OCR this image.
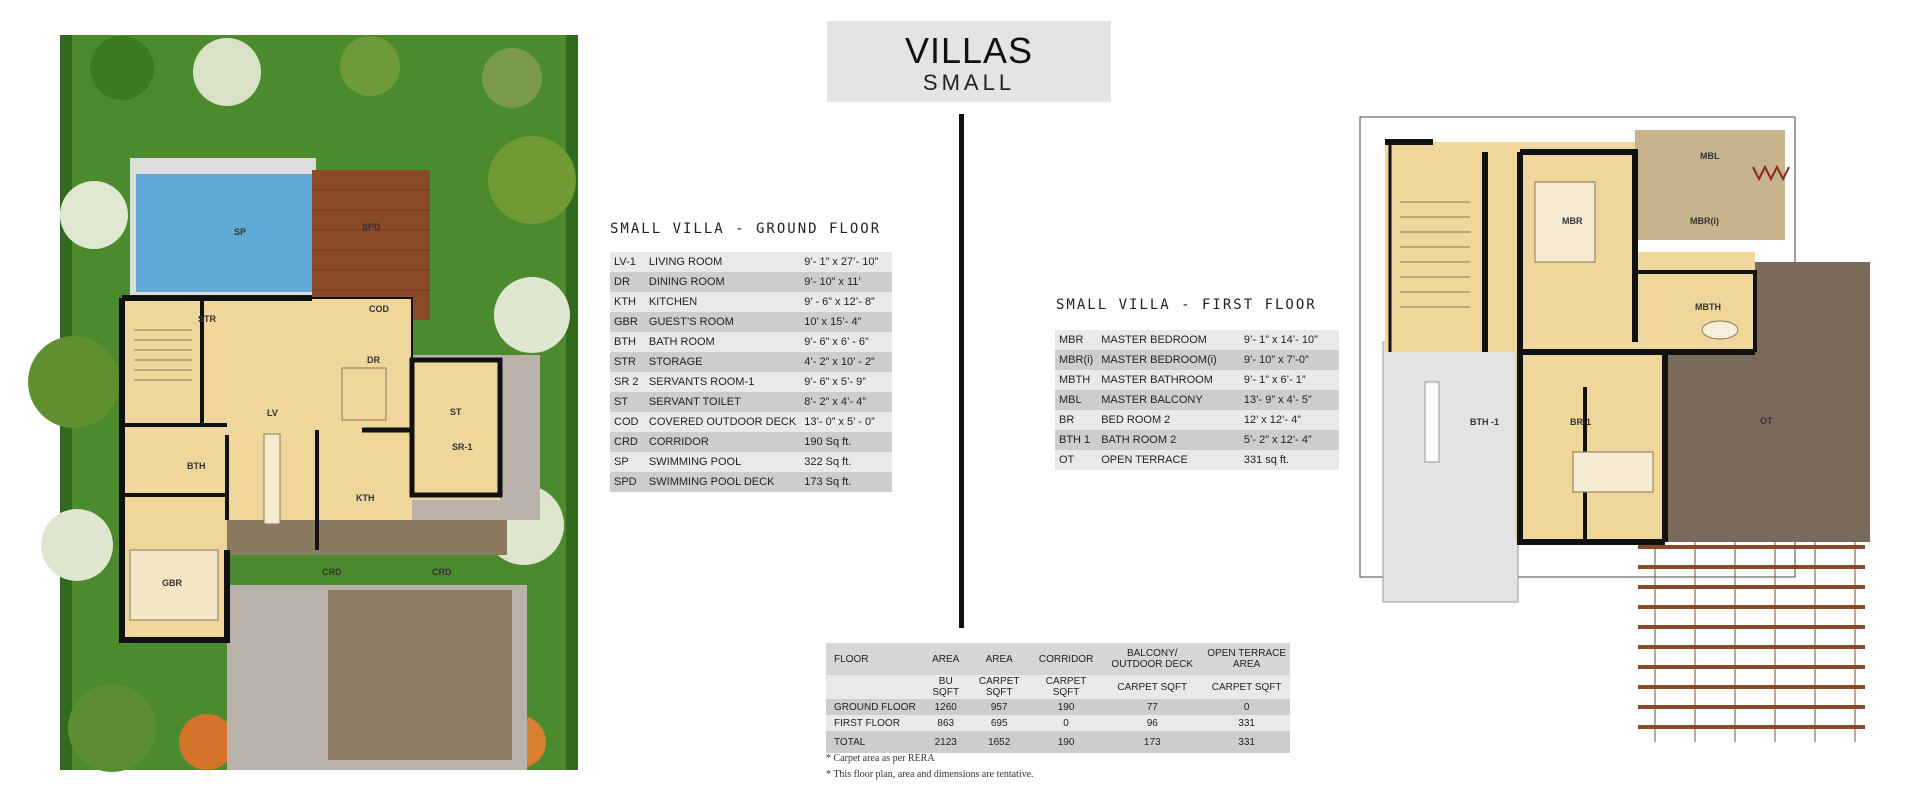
VILLAS
SMALL
SP	SPD
COD
STR
DR
LV	ST
SR-1
BTH
KTH
CRD	CRD
GBR
SMALL VILLA - GROUND FLOOR
LV-1	LIVING ROOM	9’- 1” x 27’- 10”
DR	DINING ROOM	9’- 10” x 11’
KTH	KITCHEN	9’ - 6” x 12’- 8”
GBR	GUEST’S ROOM	10’ x 15’- 4”
BTH	BATH ROOM	9’- 6” x 6’ - 6”
STR	STORAGE	4’- 2” x 10’ - 2”
SR 2	SERVANTS ROOM-1	9’- 6” x 5’- 9”
ST	SERVANT TOILET	8’- 2” x 4’- 4”
COD	COVERED OUTDOOR DECK	13’- 0” x 5’ - 0”
CRD	CORRIDOR	190 Sq ft.
SP	SWIMMING POOL	322 Sq ft.
SPD	SWIMMING POOL DECK	173 Sq ft.
SMALL VILLA - FIRST FLOOR
MBR	MASTER BEDROOM	9’- 1” x 14’- 10”
MBR(i)	MASTER BEDROOM(i)	9’- 10” x 7’-0”
MBTH	MASTER BATHROOM	9’- 1” x 6’- 1”
MBL	MASTER BALCONY	13’- 9” x 4’- 5”
BR	BED ROOM 2	12’ x 12’- 4”
BTH 1	BATH ROOM 2	5’- 2” x 12’- 4”
OT	OPEN TERRACE	331 sq ft.
FLOOR	AREA	AREA	CORRIDOR	BALCONY/ OUTDOOR DECK	OPEN TERRACE AREA
	BU SQFT	CARPET SQFT	CARPET SQFT	CARPET SQFT	CARPET SQFT
GROUND FLOOR	1260	957	190	77	0
FIRST FLOOR	863	695	0	96	331
TOTAL	2123	1652	190	173	331
* Carpet area as per RERA
* This floor plan, area and dimensions are tentative.
MBL
MBR	MBR(i)
MBTH
OT
BTH -1	BR-1
